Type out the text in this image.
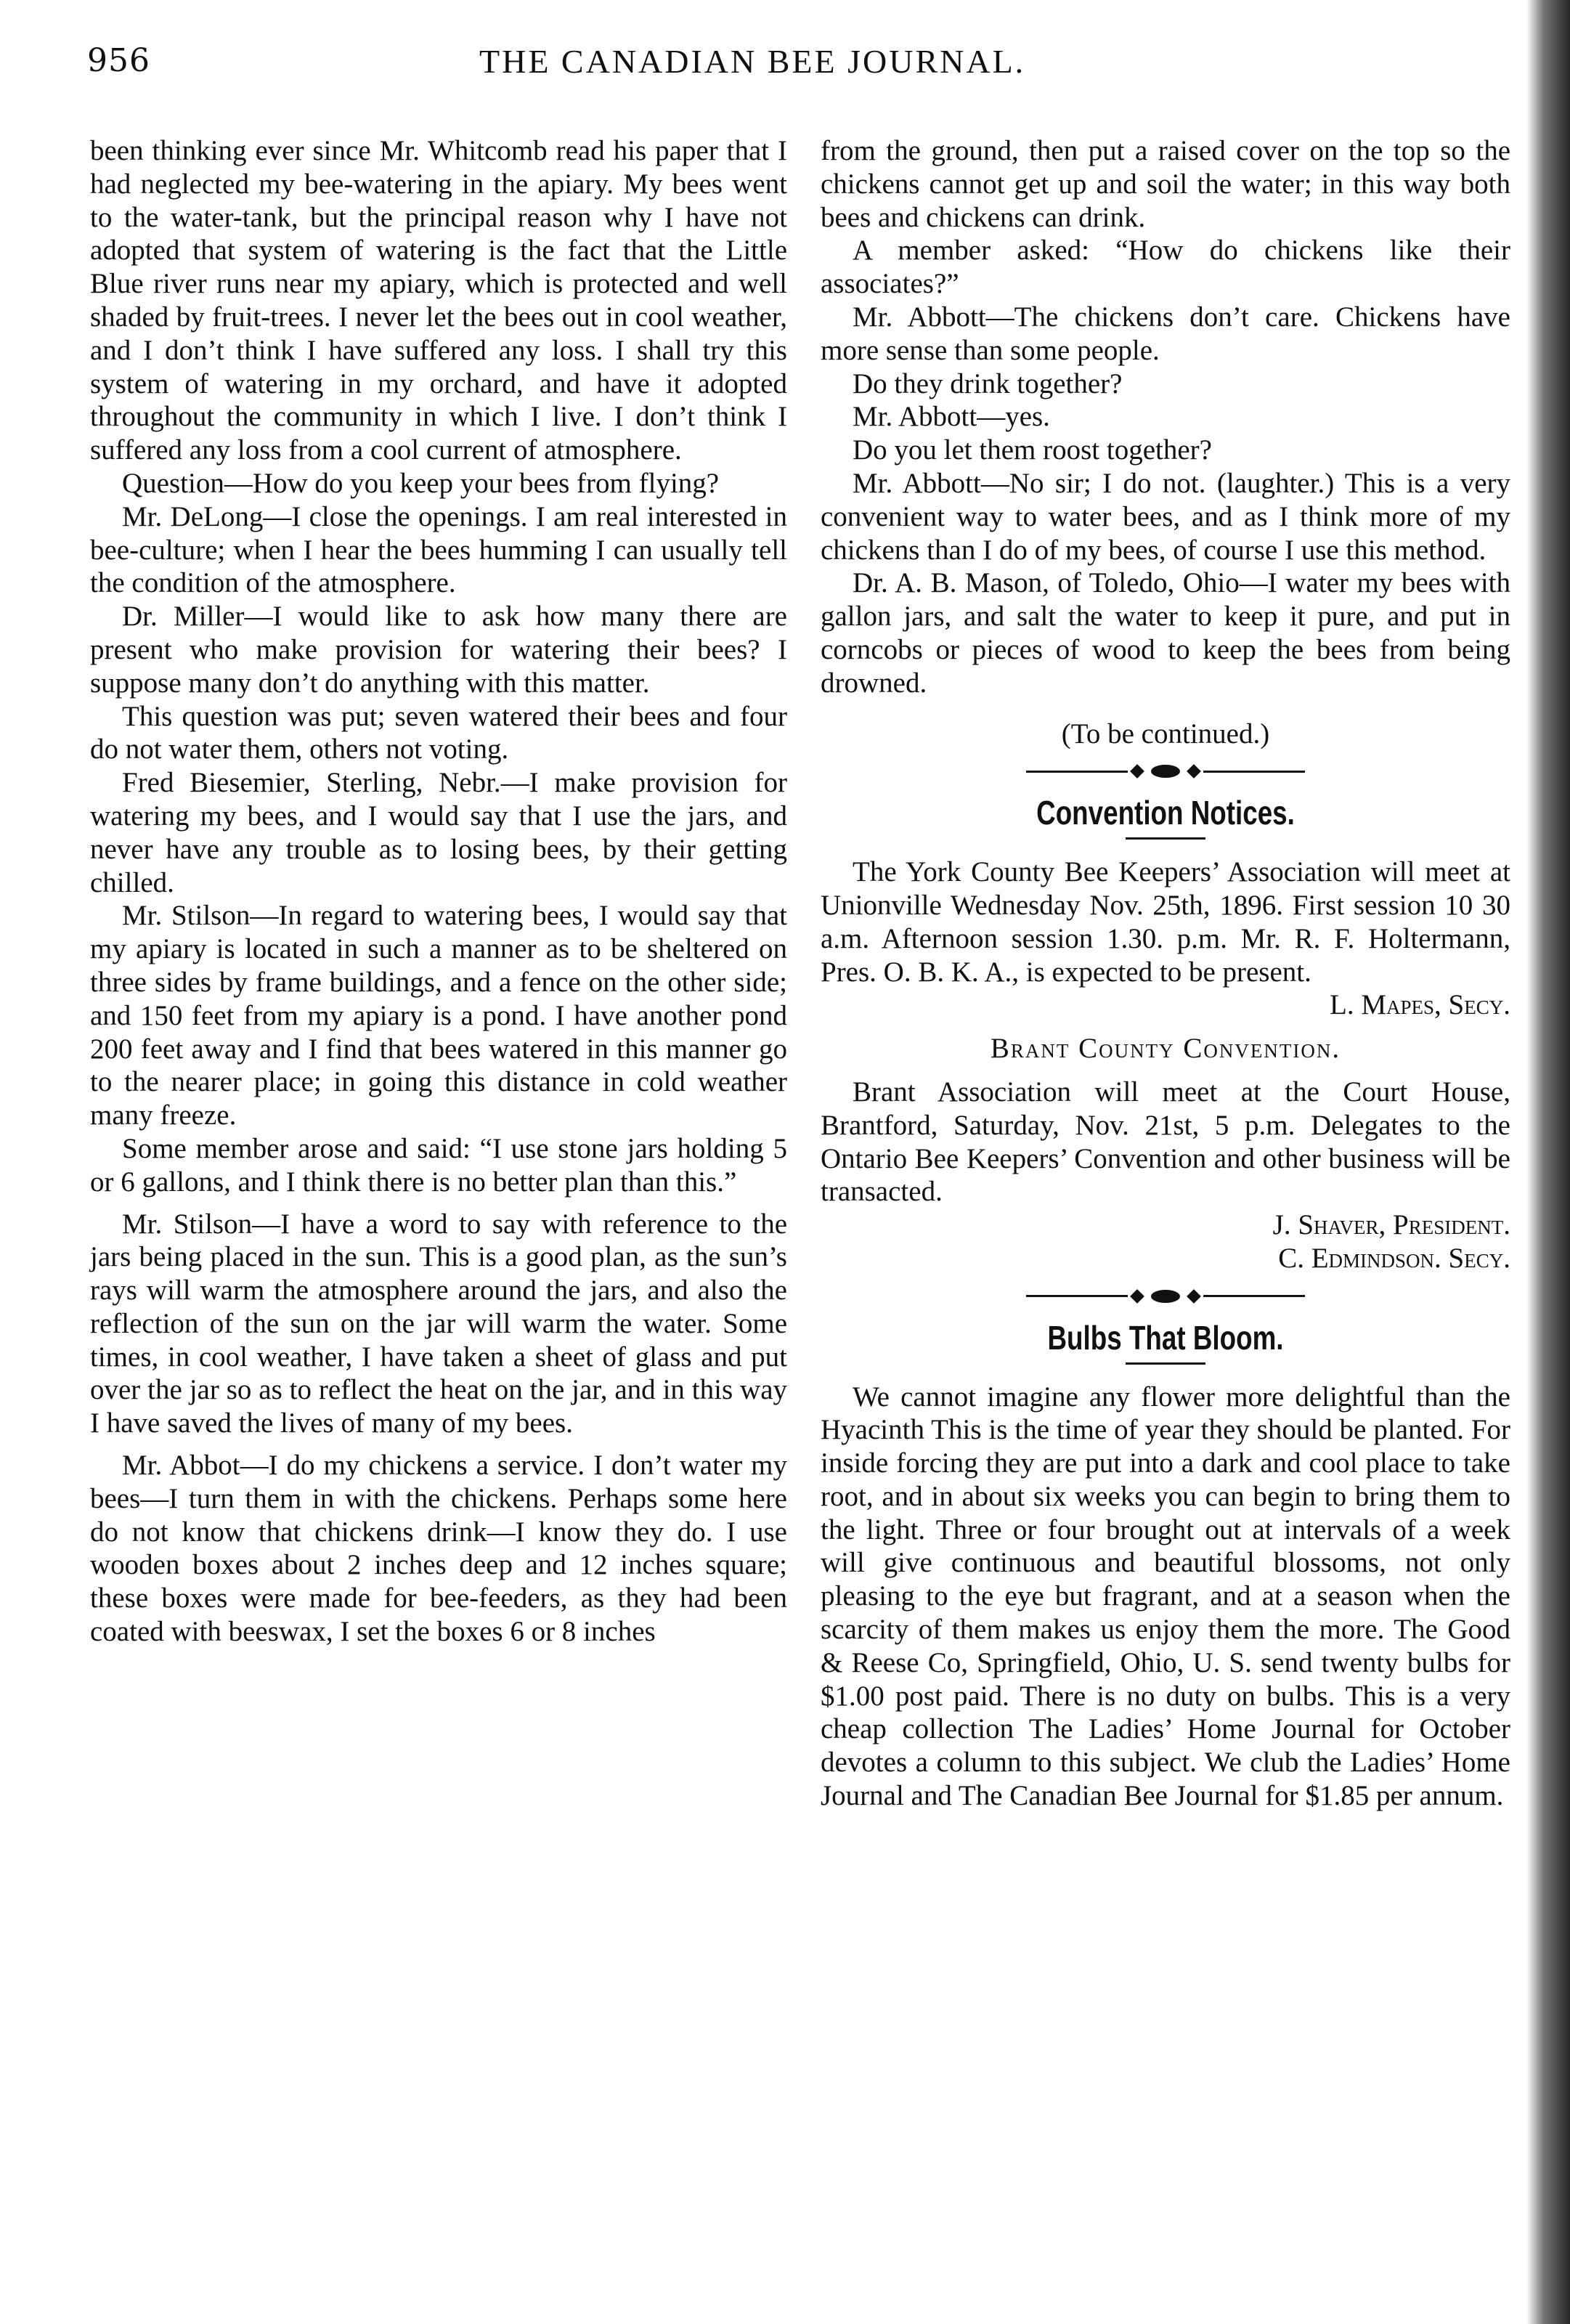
956	THE CANADIAN BEE JOURNAL.

been thinking ever since Mr. Whitcomb read his paper that I had neglected my bee-watering in the apiary. My bees went to the water-tank, but the principal reason why I have not adopted that system of watering is the fact that the Little Blue river runs near my apiary, which is protected and well shaded by fruit-trees. I never let the bees out in cool weather, and I don’t think I have suffered any loss. I shall try this system of watering in my orchard, and have it adopted throughout the community in which I live. I don’t think I suffered any loss from a cool current of atmosphere.

Question—How do you keep your bees from flying?

Mr. DeLong—I close the openings. I am real interested in bee-culture; when I hear the bees humming I can usually tell the condition of the atmosphere.

Dr. Miller—I would like to ask how many there are present who make provision for watering their bees? I suppose many don’t do anything with this matter.

This question was put; seven watered their bees and four do not water them, others not voting.

Fred Biesemier, Sterling, Nebr.—I make provision for watering my bees, and I would say that I use the jars, and never have any trouble as to losing bees, by their getting chilled.

Mr. Stilson—In regard to watering bees, I would say that my apiary is located in such a manner as to be sheltered on three sides by frame buildings, and a fence on the other side; and 150 feet from my apiary is a pond. I have another pond 200 feet away and I find that bees watered in this manner go to the nearer place; in going this distance in cold weather many freeze.

Some member arose and said: “I use stone jars holding 5 or 6 gallons, and I think there is no better plan than this.”

Mr. Stilson—I have a word to say with reference to the jars being placed in the sun. This is a good plan, as the sun’s rays will warm the atmosphere around the jars, and also the reflection of the sun on the jar will warm the water. Some times, in cool weather, I have taken a sheet of glass and put over the jar so as to reflect the heat on the jar, and in this way I have saved the lives of many of my bees.

Mr. Abbot—I do my chickens a service. I don’t water my bees—I turn them in with the chickens. Perhaps some here do not know that chickens drink—I know they do. I use wooden boxes about 2 inches deep and 12 inches square; these boxes were made for bee-feeders, as they had been coated with beeswax, I set the boxes 6 or 8 inches

from the ground, then put a raised cover on the top so the chickens cannot get up and soil the water; in this way both bees and chickens can drink.

A member asked: “How do chickens like their associates?”

Mr. Abbott—The chickens don’t care. Chickens have more sense than some people.

Do they drink together?

Mr. Abbott—yes.

Do you let them roost together?

Mr. Abbott—No sir; I do not. (laughter.) This is a very convenient way to water bees, and as I think more of my chickens than I do of my bees, of course I use this method.

Dr. A. B. Mason, of Toledo, Ohio—I water my bees with gallon jars, and salt the water to keep it pure, and put in corncobs or pieces of wood to keep the bees from being drowned.

(To be continued.)

Convention Notices.

The York County Bee Keepers’ Association will meet at Unionville Wednesday Nov. 25th, 1896. First session 10 30 a.m. Afternoon session 1.30. p.m. Mr. R. F. Holtermann, Pres. O. B. K. A., is expected to be present.

L. Mapes, Secy.
Brant County Convention.

Brant Association will meet at the Court House, Brantford, Saturday, Nov. 21st, 5 p.m. Delegates to the Ontario Bee Keepers’ Convention and other business will be transacted.

J. Shaver, President.
C. Edmindson. Secy.
Bulbs That Bloom.

We cannot imagine any flower more delightful than the Hyacinth This is the time of year they should be planted. For inside forcing they are put into a dark and cool place to take root, and in about six weeks you can begin to bring them to the light. Three or four brought out at intervals of a week will give continuous and beautiful blossoms, not only pleasing to the eye but fragrant, and at a season when the scarcity of them makes us enjoy them the more. The Good & Reese Co, Springfield, Ohio, U. S. send twenty bulbs for $1.00 post paid. There is no duty on bulbs. This is a very cheap collection The Ladies’ Home Journal for October devotes a column to this subject. We club the Ladies’ Home Journal and The Canadian Bee Journal for $1.85 per annum.
